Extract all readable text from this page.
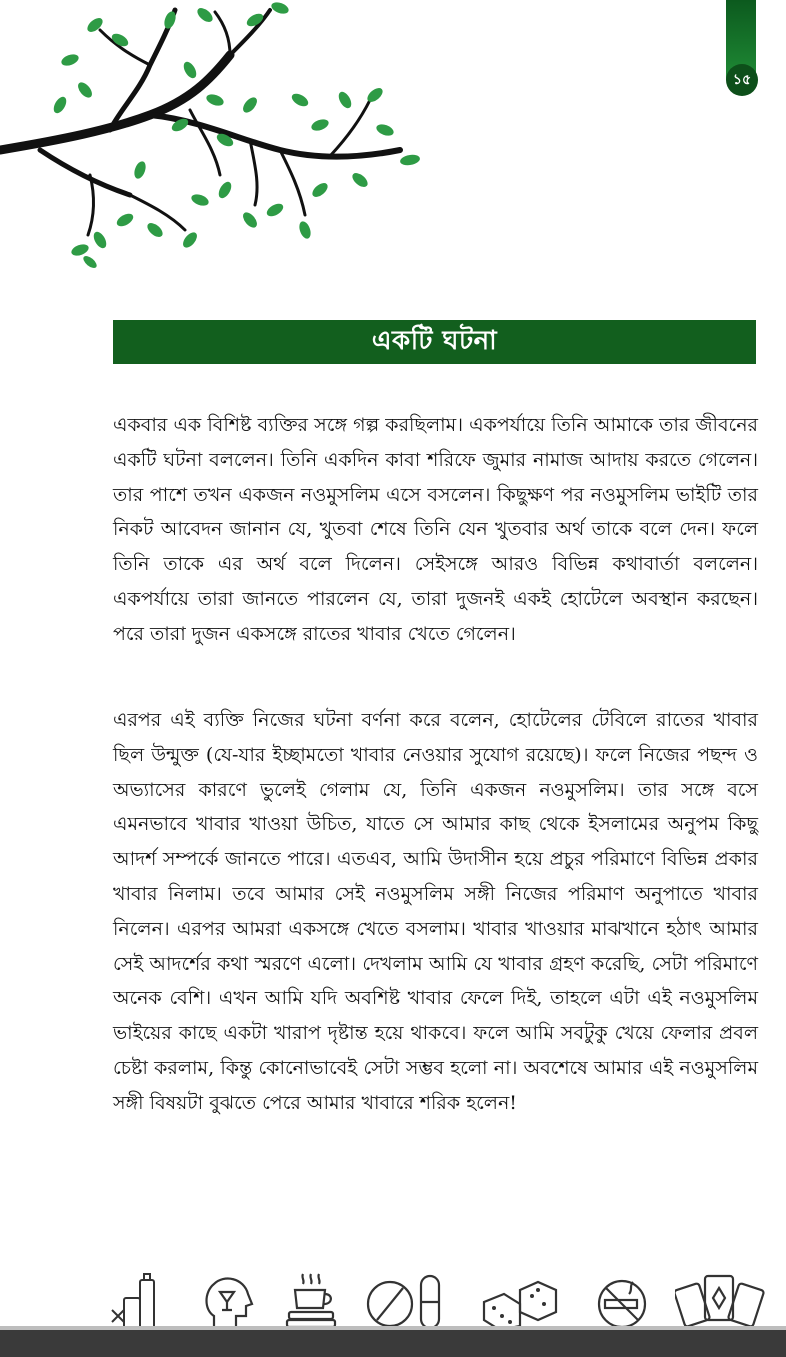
১৫
একটি ঘটনা

একবার এক বিশিষ্ট ব্যক্তির সঙ্গে গল্প করছিলাম। একপর্যায়ে তিনি আমাকে তার জীবনের একটি ঘটনা বললেন। তিনি একদিন কাবা শরিফে জুমার নামাজ আদায় করতে গেলেন। তার পাশে তখন একজন নওমুসলিম এসে বসলেন। কিছুক্ষণ পর নওমুসলিম ভাইটি তার নিকট আবেদন জানান যে, খুতবা শেষে তিনি যেন খুতবার অর্থ তাকে বলে দেন। ফলে তিনি তাকে এর অর্থ বলে দিলেন। সেইসঙ্গে আরও বিভিন্ন কথাবার্তা বললেন। একপর্যায়ে তারা জানতে পারলেন যে, তারা দুজনই একই হোটেলে অবস্থান করছেন। পরে তারা দুজন একসঙ্গে রাতের খাবার খেতে গেলেন।

এরপর এই ব্যক্তি নিজের ঘটনা বর্ণনা করে বলেন, হোটেলের টেবিলে রাতের খাবার ছিল উন্মুক্ত (যে-যার ইচ্ছামতো খাবার নেওয়ার সুযোগ রয়েছে)। ফলে নিজের পছন্দ ও অভ্যাসের কারণে ভুলেই গেলাম যে, তিনি একজন নওমুসলিম। তার সঙ্গে বসে এমনভাবে খাবার খাওয়া উচিত, যাতে সে আমার কাছ থেকে ইসলামের অনুপম কিছু আদর্শ সম্পর্কে জানতে পারে। এতএব, আমি উদাসীন হয়ে প্রচুর পরিমাণে বিভিন্ন প্রকার খাবার নিলাম। তবে আমার সেই নওমুসলিম সঙ্গী নিজের পরিমাণ অনুপাতে খাবার নিলেন। এরপর আমরা একসঙ্গে খেতে বসলাম। খাবার খাওয়ার মাঝখানে হঠাৎ আমার সেই আদর্শের কথা স্মরণে এলো। দেখলাম আমি যে খাবার গ্রহণ করেছি, সেটা পরিমাণে অনেক বেশি। এখন আমি যদি অবশিষ্ট খাবার ফেলে দিই, তাহলে এটা এই নওমুসলিম ভাইয়ের কাছে একটা খারাপ দৃষ্টান্ত হয়ে থাকবে। ফলে আমি সবটুকু খেয়ে ফেলার প্রবল চেষ্টা করলাম, কিন্তু কোনোভাবেই সেটা সম্ভব হলো না। অবশেষে আমার এই নওমুসলিম সঙ্গী বিষয়টা বুঝতে পেরে আমার খাবারে শরিক হলেন!
